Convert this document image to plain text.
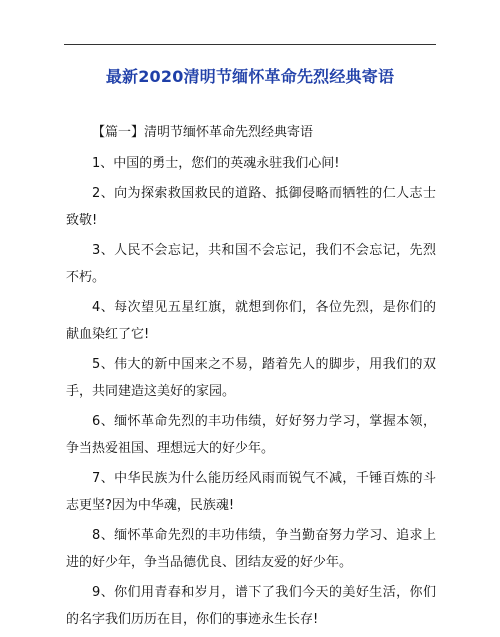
最新2020清明节缅怀革命先烈经典寄语

【篇一】清明节缅怀革命先烈经典寄语

1、中国的勇士，您们的英魂永驻我们心间!

2、向为探索救国救民的道路、抵御侵略而牺牲的仁人志士致敬!

3、人民不会忘记，共和国不会忘记，我们不会忘记，先烈不朽。

4、每次望见五星红旗，就想到你们，各位先烈，是你们的献血染红了它!

5、伟大的新中国来之不易，踏着先人的脚步，用我们的双手，共同建造这美好的家园。

6、缅怀革命先烈的丰功伟绩，好好努力学习，掌握本领，争当热爱祖国、理想远大的好少年。

7、中华民族为什么能历经风雨而锐气不减，千锤百炼的斗志更坚?因为中华魂，民族魂!

8、缅怀革命先烈的丰功伟绩，争当勤奋努力学习、追求上进的好少年，争当品德优良、团结友爱的好少年。

9、你们用青春和岁月，谱下了我们今天的美好生活，你们的名字我们历历在目，你们的事迹永生长存!
